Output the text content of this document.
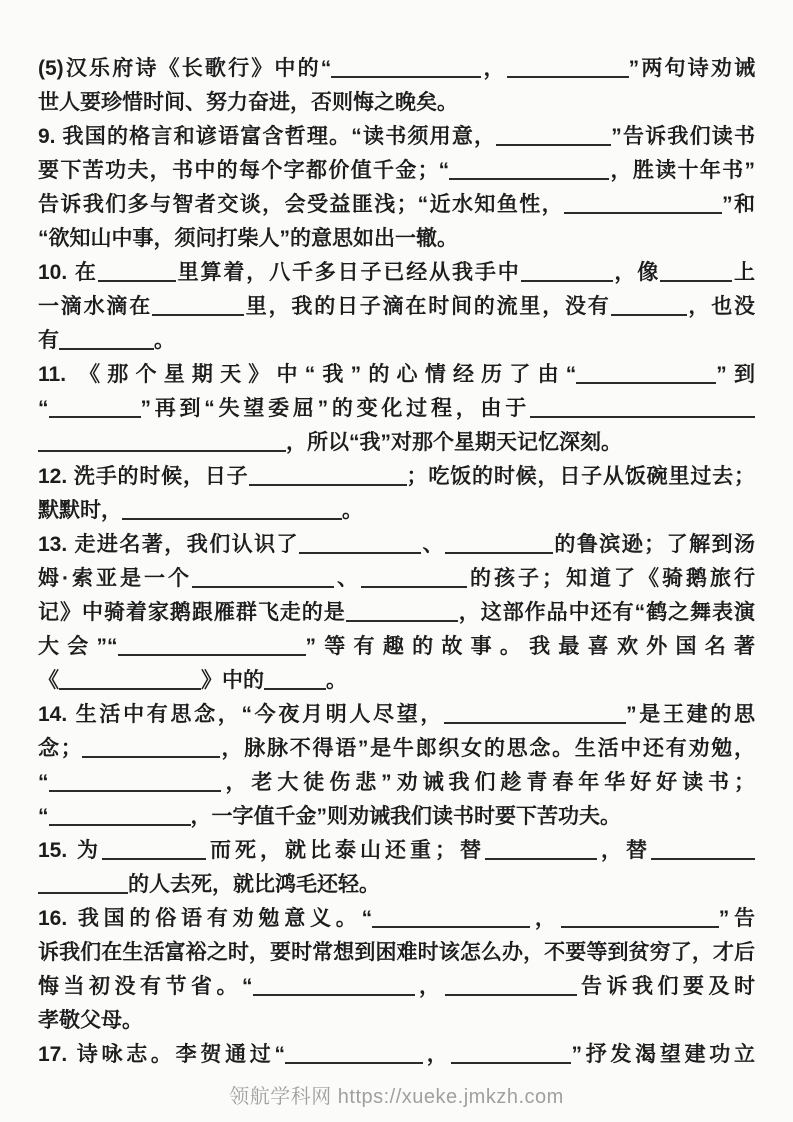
(5)汉乐府诗《长歌行》中的“	，	”两句诗劝诫
世人要珍惜时间、努力奋进，否则悔之晚矣。
9. 我国的格言和谚语富含哲理。“读书须用意，	”告诉我们读书
要下苦功夫，书中的每个字都价值千金；“	，胜读十年书”
告诉我们多与智者交谈，会受益匪浅；“近水知鱼性，	”和
“欲知山中事，须问打柴人”的意思如出一辙。
10. 在	里算着，八千多日子已经从我手中	，像	上
一滴水滴在	里，我的日子滴在时间的流里，没有	，也没
有	。
11. 《那个星期天》中“我”的心情经历了由“	”到
“	”再到“失望委屈”的变化过程，由于
，所以“我”对那个星期天记忆深刻。
12. 洗手的时候，日子	；吃饭的时候，日子从饭碗里过去；
默默时，	。
13. 走进名著，我们认识了	、	的鲁滨逊；了解到汤
姆·索亚是一个	、	的孩子；知道了《骑鹅旅行
记》中骑着家鹅跟雁群飞走的是	，这部作品中还有“鹤之舞表演
大会”“	”等有趣的故事。我最喜欢外国名著
《	》中的	。
14. 生活中有思念，“今夜月明人尽望，	”是王建的思
念；	，脉脉不得语”是牛郎织女的思念。生活中还有劝勉，
“	，老大徒伤悲”劝诫我们趁青春年华好好读书；
“	，一字值千金”则劝诫我们读书时要下苦功夫。
15. 为	而死，就比泰山还重；替	，替
的人去死，就比鸿毛还轻。
16. 我国的俗语有劝勉意义。“	，	”告
诉我们在生活富裕之时，要时常想到困难时该怎么办，不要等到贫穷了，才后
悔当初没有节省。“	，	告诉我们要及时
孝敬父母。
17. 诗咏志。李贺通过“	，	”抒发渴望建功立
领航学科网 https://xueke.jmkzh.com
